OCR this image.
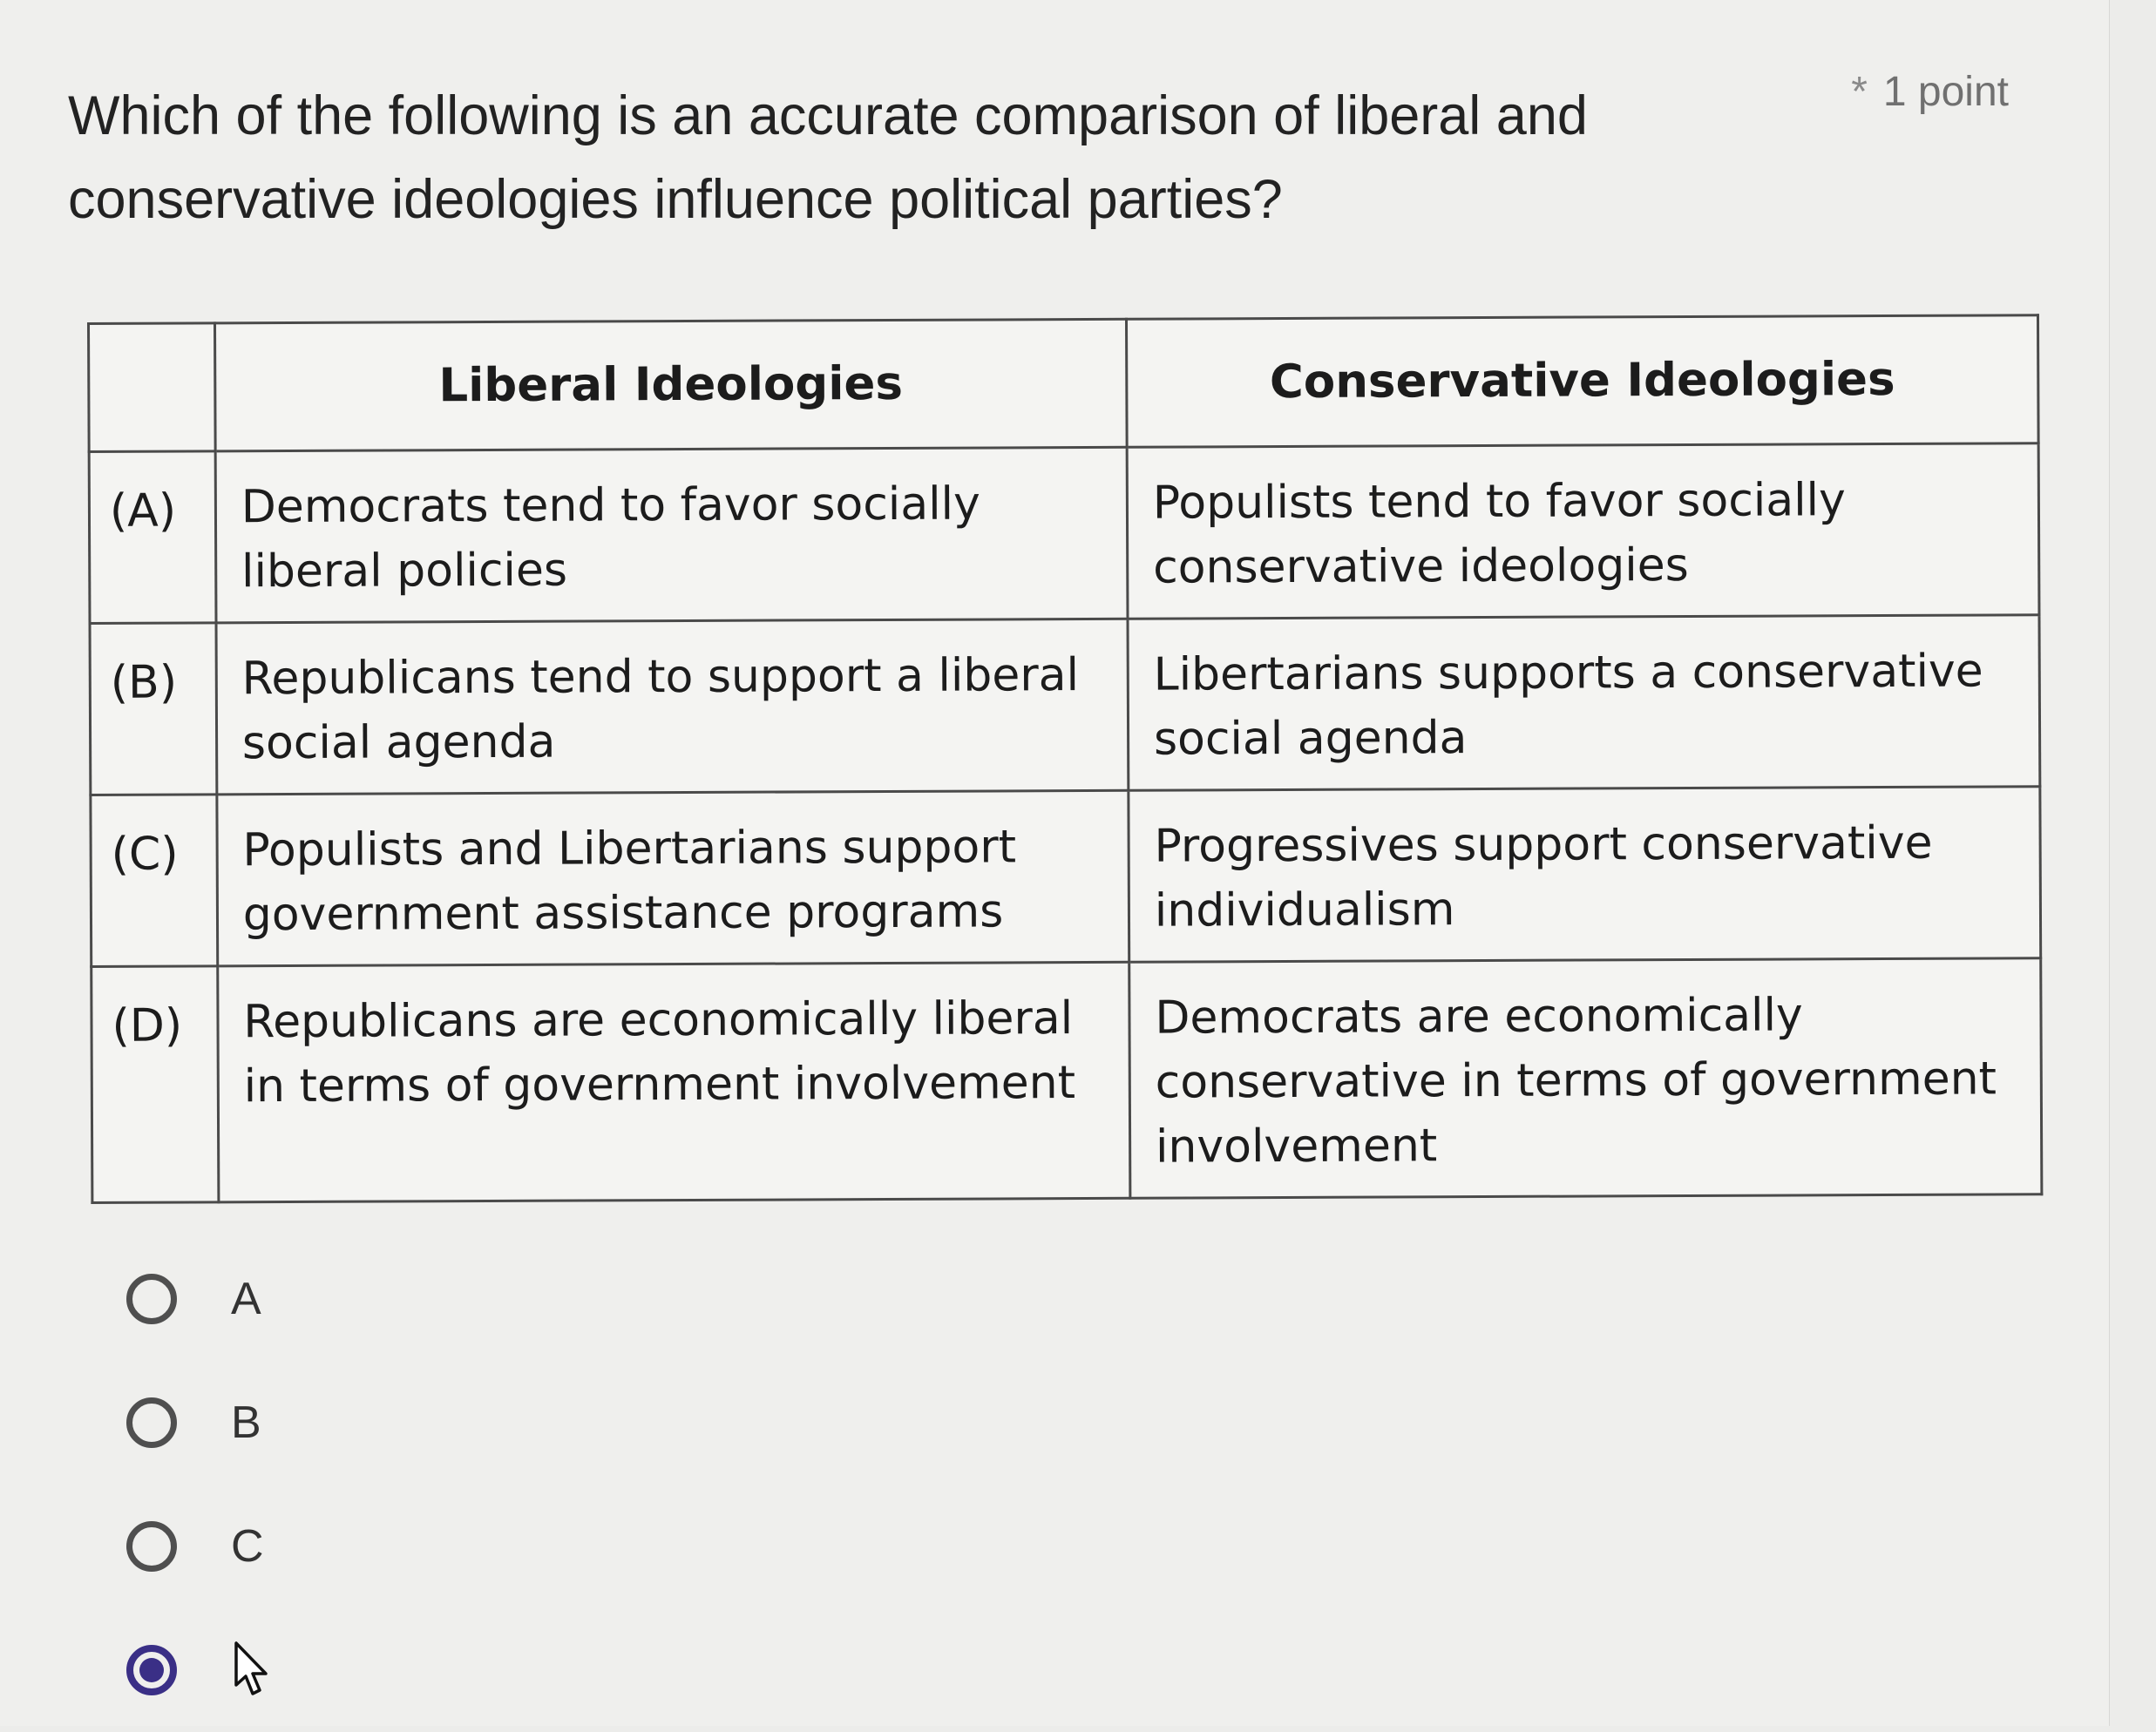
Which of the following is an accurate comparison of liberal and
conservative ideologies influence political parties?
* 1 point
	Liberal Ideologies	Conservative Ideologies
(A)	Democrats tend to favor socially liberal policies	Populists tend to favor socially conservative ideologies
(B)	Republicans tend to support a liberal social agenda	Libertarians supports a conservative social agenda
(C)	Populists and Libertarians support government assistance programs	Progressives support conservative individualism
(D)	Republicans are economically liberal in terms of government involvement	Democrats are economically conservative in terms of government involvement
A
B
C
